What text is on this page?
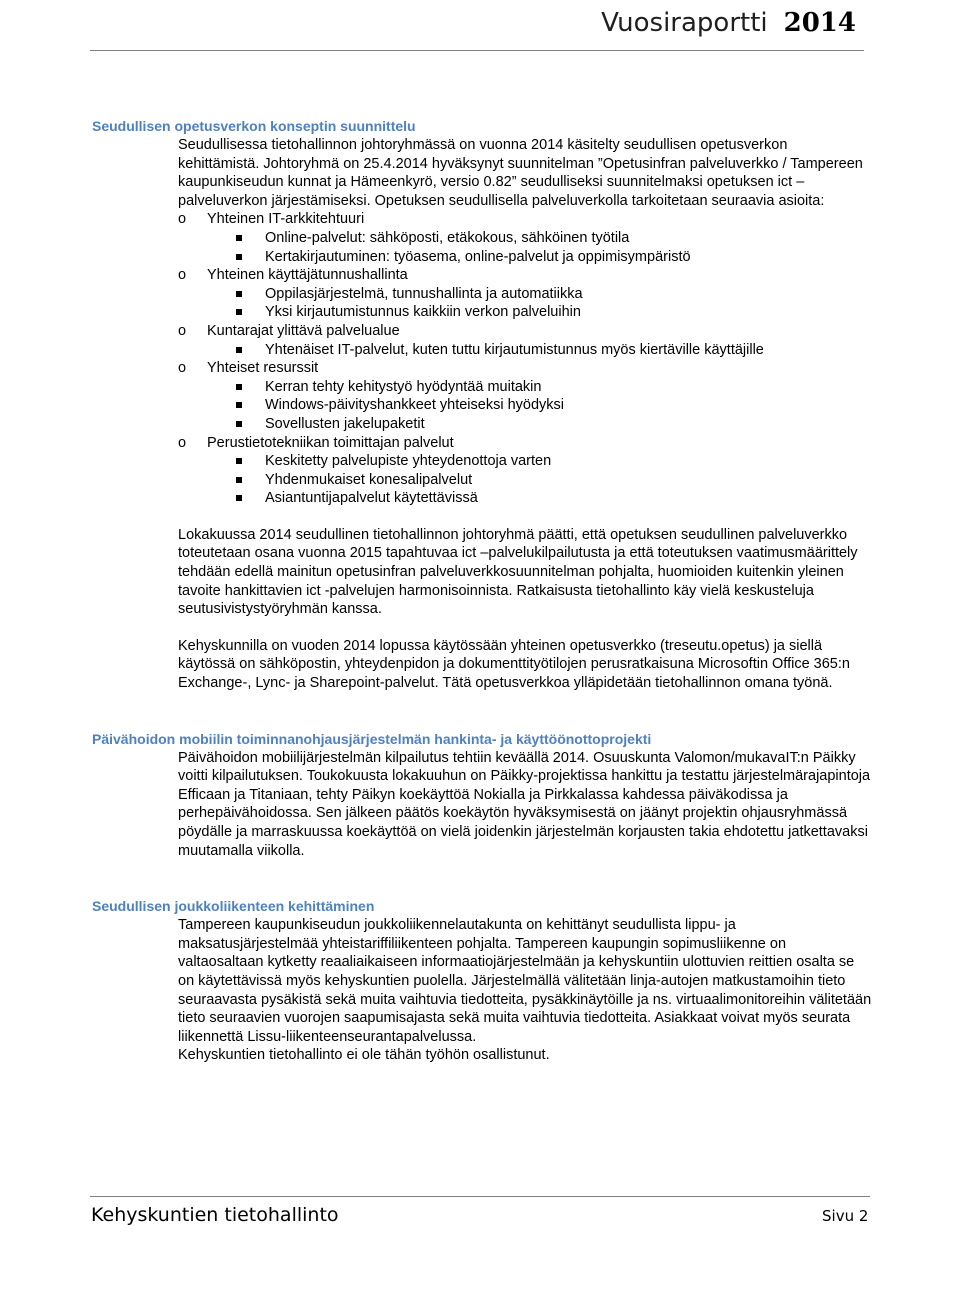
Vuosiraportti 2014
Seudullisen opetusverkon konseptin suunnittelu

Seudullisessa tietohallinnon johtoryhmässä on vuonna 2014 käsitelty seudullisen opetusverkon kehittämistä. Johtoryhmä on 25.4.2014 hyväksynyt suunnitelman ”Opetusinfran palveluverkko / Tampereen kaupunkiseudun kunnat ja Hämeenkyrö, versio 0.82” seudulliseksi suunnitelmaksi opetuksen ict –palveluverkon järjestämiseksi. Opetuksen seudullisella palveluverkolla tarkoitetaan seuraavia asioita:

o	Yhteinen IT-arkkitehtuuri
Online-palvelut: sähköposti, etäkokous, sähköinen työtila
Kertakirjautuminen: työasema, online-palvelut ja oppimisympäristö
o	Yhteinen käyttäjätunnushallinta
Oppilasjärjestelmä, tunnushallinta ja automatiikka
Yksi kirjautumistunnus kaikkiin verkon palveluihin
o	Kuntarajat ylittävä palvelualue
Yhtenäiset IT-palvelut, kuten tuttu kirjautumistunnus myös kiertäville käyttäjille
o	Yhteiset resurssit
Kerran tehty kehitystyö hyödyntää muitakin
Windows-päivityshankkeet yhteiseksi hyödyksi
Sovellusten jakelupaketit
o	Perustietotekniikan toimittajan palvelut
Keskitetty palvelupiste yhteydenottoja varten
Yhdenmukaiset konesalipalvelut
Asiantuntijapalvelut käytettävissä

Lokakuussa 2014 seudullinen tietohallinnon johtoryhmä päätti, että opetuksen seudullinen palveluverkko toteutetaan osana vuonna 2015 tapahtuvaa ict –palvelukilpailutusta ja että toteutuksen vaatimusmäärittely tehdään edellä mainitun opetusinfran palveluverkkosuunnitelman pohjalta, huomioiden kuitenkin yleinen tavoite hankittavien ict -palvelujen harmonisoinnista. Ratkaisusta tietohallinto käy vielä keskusteluja seutusivistystyöryhmän kanssa.

Kehyskunnilla on vuoden 2014 lopussa käytössään yhteinen opetusverkko (treseutu.opetus) ja siellä käytössä on sähköpostin, yhteydenpidon ja dokumenttityötilojen perusratkaisuna Microsoftin Office 365:n Exchange-, Lync- ja Sharepoint-palvelut. Tätä opetusverkkoa ylläpidetään tietohallinnon omana työnä.

Päivähoidon mobiilin toiminnanohjausjärjestelmän hankinta- ja käyttöönottoprojekti

Päivähoidon mobiilijärjestelmän kilpailutus tehtiin keväällä 2014. Osuuskunta Valomon/mukavaIT:n Päikky voitti kilpailutuksen. Toukokuusta lokakuuhun on Päikky-projektissa hankittu ja testattu järjestelmärajapintoja Efficaan ja Titaniaan, tehty Päikyn koekäyttöä Nokialla ja Pirkkalassa kahdessa päiväkodissa ja perhepäivähoidossa. Sen jälkeen päätös koekäytön hyväksymisestä on jäänyt projektin ohjausryhmässä pöydälle ja marraskuussa koekäyttöä on vielä joidenkin järjestelmän korjausten takia ehdotettu jatkettavaksi muutamalla viikolla.

Seudullisen joukkoliikenteen kehittäminen

Tampereen kaupunkiseudun joukkoliikennelautakunta on kehittänyt seudullista lippu- ja maksatusjärjestelmää yhteistariffiliikenteen pohjalta. Tampereen kaupungin sopimusliikenne on valtaosaltaan kytketty reaaliaikaiseen informaatiojärjestelmään ja kehyskuntiin ulottuvien reittien osalta se on käytettävissä myös kehyskuntien puolella. Järjestelmällä välitetään linja-autojen matkustamoihin tieto seuraavasta pysäkistä sekä muita vaihtuvia tiedotteita, pysäkkinäytöille ja ns. virtuaalimonitoreihin välitetään tieto seuraavien vuorojen saapumisajasta sekä muita vaihtuvia tiedotteita. Asiakkaat voivat myös seurata liikennettä Lissu-liikenteenseurantapalvelussa.

Kehyskuntien tietohallinto ei ole tähän työhön osallistunut.

Kehyskuntien tietohallinto	Sivu 2
